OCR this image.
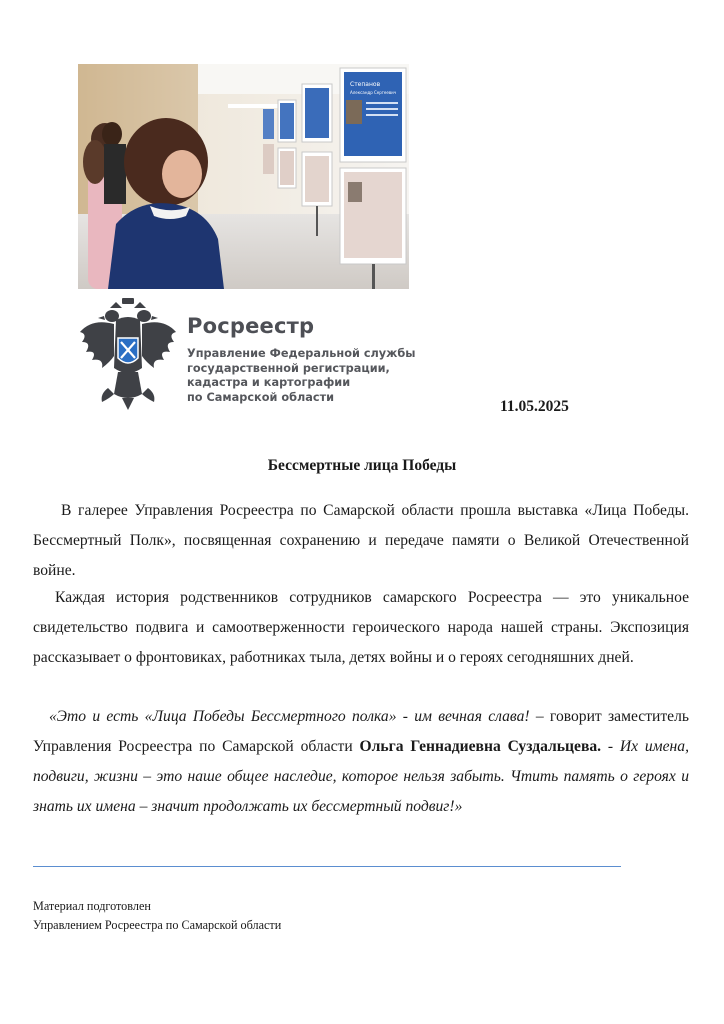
Степанов
Александр Сергеевич
Росреестр
Управление Федеральной службы
государственной регистрации,
кадастра и картографии
по Самарской области
11.05.2025
Бессмертные лица Победы

В галерее Управления Росреестра по Самарской области прошла выставка «Лица Победы. Бессмертный Полк», посвященная сохранению и передаче памяти о Великой Отечественной войне.

Каждая история родственников сотрудников самарского Росреестра — это уникальное свидетельство подвига и самоотверженности героического народа нашей страны. Экспозиция рассказывает о фронтовиках, работниках тыла, детях войны и о героях сегодняшних дней.

«Это и есть «Лица Победы Бессмертного полка» - им вечная слава! – говорит заместитель Управления Росреестра по Самарской области Ольга Геннадиевна Суздальцева. - Их имена, подвиги, жизни – это наше общее наследие, которое нельзя забыть. Чтить память о героях и знать их имена – значит продолжать их бессмертный подвиг!»

Материал подготовлен
Управлением Росреестра по Самарской области
